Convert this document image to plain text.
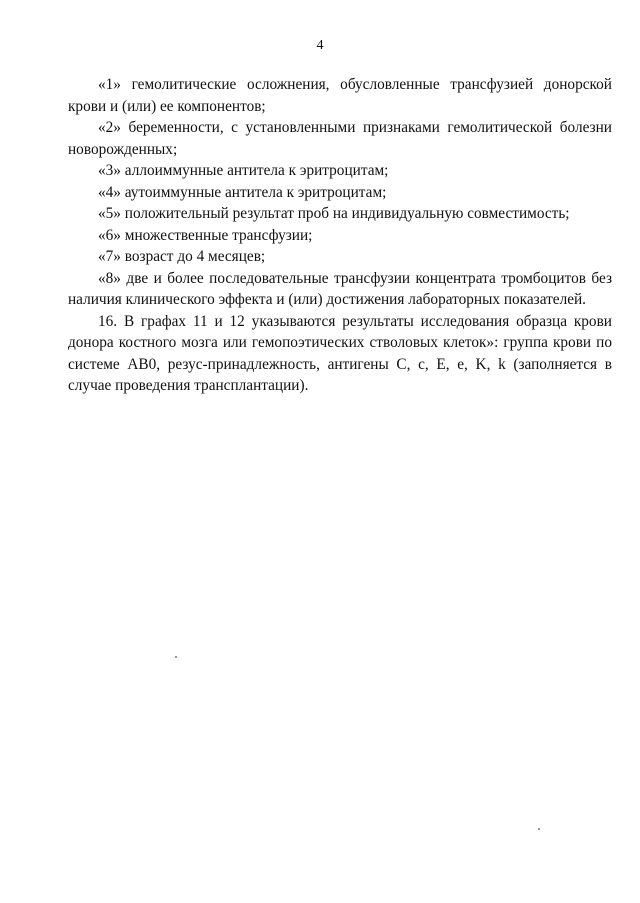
4

«1» гемолитические осложнения, обусловленные трансфузией донорской крови и (или) ее компонентов;

«2» беременности, с установленными признаками гемолитической болезни новорожденных;

«3» аллоиммунные антитела к эритроцитам;

«4» аутоиммунные антитела к эритроцитам;

«5» положительный результат проб на индивидуальную совместимость;

«6» множественные трансфузии;

«7» возраст до 4 месяцев;

«8» две и более последовательные трансфузии концентрата тромбоцитов без наличия клинического эффекта и (или) достижения лабораторных показателей.

16. В графах 11 и 12 указываются результаты исследования образца крови донора костного мозга или гемопоэтических стволовых клеток»: группа крови по системе АВ0, резус-принадлежность, антигены C, c, E, e, K, k (заполняется в случае проведения трансплантации).
